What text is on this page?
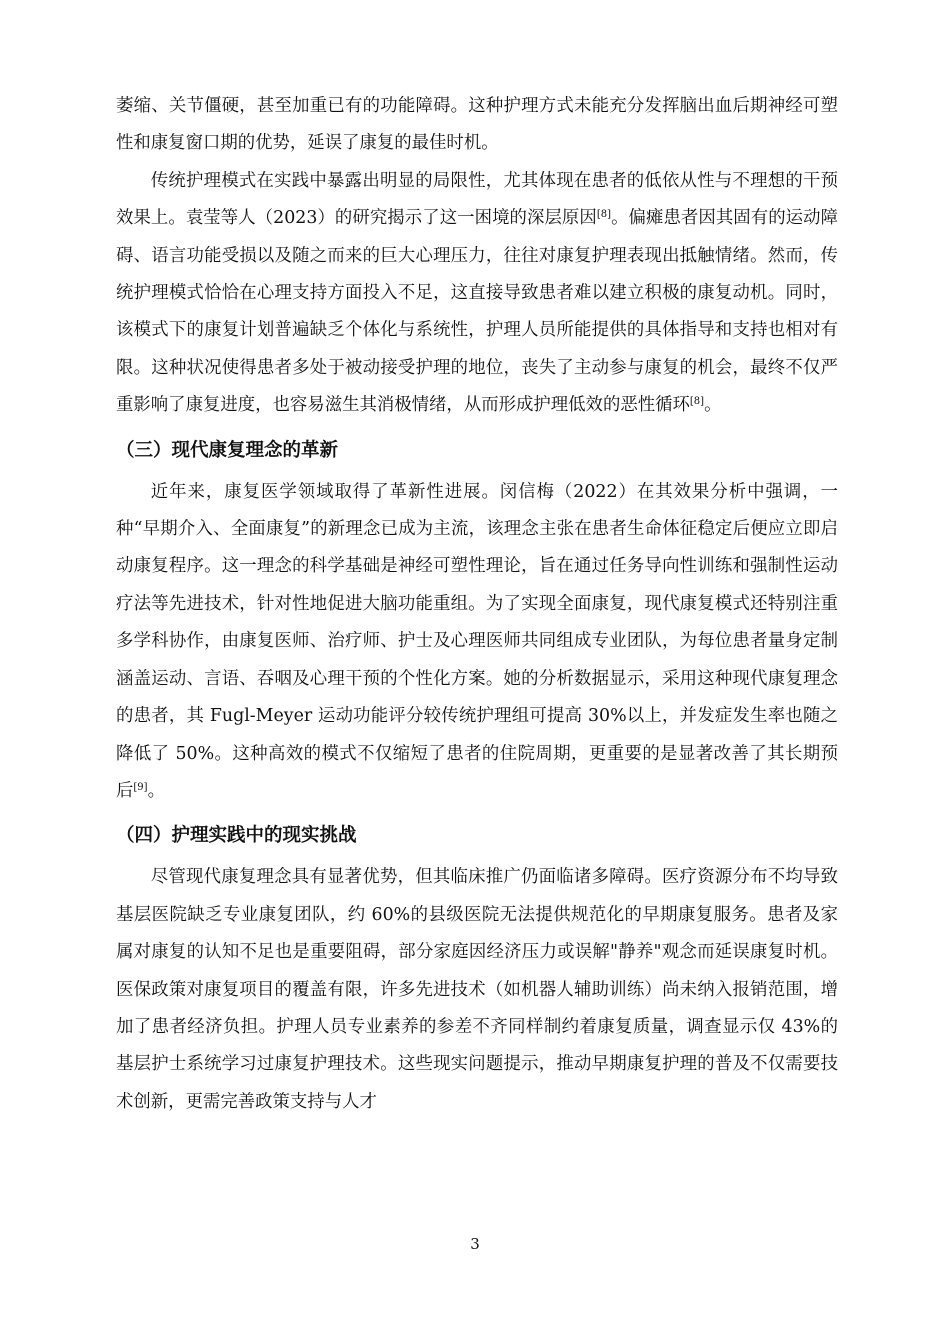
萎缩、关节僵硬，甚至加重已有的功能障碍。这种护理方式未能充分发挥脑出血后期神经可塑性和康复窗口期的优势，延误了康复的最佳时机。

传统护理模式在实践中暴露出明显的局限性，尤其体现在患者的低依从性与不理想的干预效果上。袁莹等人（2023）的研究揭示了这一困境的深层原因[8]。偏瘫患者因其固有的运动障碍、语言功能受损以及随之而来的巨大心理压力，往往对康复护理表现出抵触情绪。然而，传统护理模式恰恰在心理支持方面投入不足，这直接导致患者难以建立积极的康复动机。同时，该模式下的康复计划普遍缺乏个体化与系统性，护理人员所能提供的具体指导和支持也相对有限。这种状况使得患者多处于被动接受护理的地位，丧失了主动参与康复的机会，最终不仅严重影响了康复进度，也容易滋生其消极情绪，从而形成护理低效的恶性循环[8]。

（三）现代康复理念的革新

近年来，康复医学领域取得了革新性进展。闵信梅（2022）在其效果分析中强调，一种“早期介入、全面康复”的新理念已成为主流，该理念主张在患者生命体征稳定后便应立即启动康复程序。这一理念的科学基础是神经可塑性理论，旨在通过任务导向性训练和强制性运动疗法等先进技术，针对性地促进大脑功能重组。为了实现全面康复，现代康复模式还特别注重多学科协作，由康复医师、治疗师、护士及心理医师共同组成专业团队，为每位患者量身定制涵盖运动、言语、吞咽及心理干预的个性化方案。她的分析数据显示，采用这种现代康复理念的患者，其 Fugl-Meyer 运动功能评分较传统护理组可提高 30%以上，并发症发生率也随之降低了 50%。这种高效的模式不仅缩短了患者的住院周期，更重要的是显著改善了其长期预后[9]。

（四）护理实践中的现实挑战

尽管现代康复理念具有显著优势，但其临床推广仍面临诸多障碍。医疗资源分布不均导致基层医院缺乏专业康复团队，约 60%的县级医院无法提供规范化的早期康复服务。患者及家属对康复的认知不足也是重要阻碍，部分家庭因经济压力或误解"静养"观念而延误康复时机。医保政策对康复项目的覆盖有限，许多先进技术（如机器人辅助训练）尚未纳入报销范围，增加了患者经济负担。护理人员专业素养的参差不齐同样制约着康复质量，调查显示仅 43%的基层护士系统学习过康复护理技术。这些现实问题提示，推动早期康复护理的普及不仅需要技术创新，更需完善政策支持与人才

3
